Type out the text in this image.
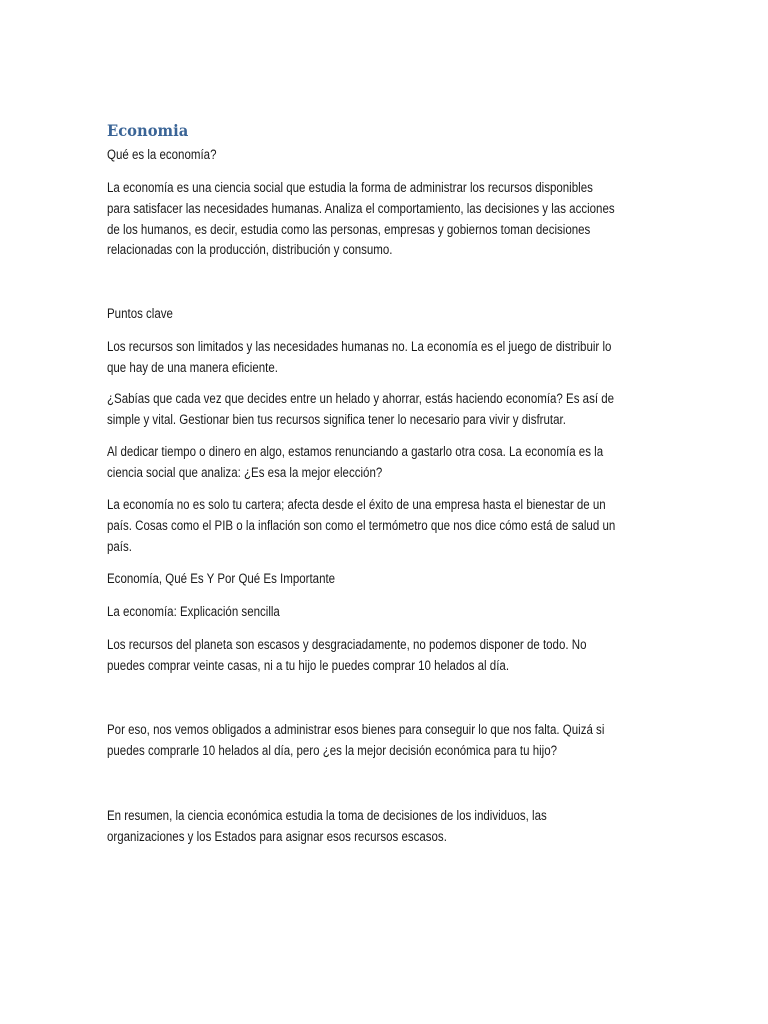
Economia
Qué es la economía?
La economía es una ciencia social que estudia la forma de administrar los recursos disponibles
para satisfacer las necesidades humanas. Analiza el comportamiento, las decisiones y las acciones
de los humanos, es decir, estudia como las personas, empresas y gobiernos toman decisiones
relacionadas con la producción, distribución y consumo.
Puntos clave
Los recursos son limitados y las necesidades humanas no. La economía es el juego de distribuir lo
que hay de una manera eficiente.
¿Sabías que cada vez que decides entre un helado y ahorrar, estás haciendo economía? Es así de
simple y vital. Gestionar bien tus recursos significa tener lo necesario para vivir y disfrutar.
Al dedicar tiempo o dinero en algo, estamos renunciando a gastarlo otra cosa. La economía es la
ciencia social que analiza: ¿Es esa la mejor elección?
La economía no es solo tu cartera; afecta desde el éxito de una empresa hasta el bienestar de un
país. Cosas como el PIB o la inflación son como el termómetro que nos dice cómo está de salud un
país.
Economía, Qué Es Y Por Qué Es Importante
La economía: Explicación sencilla
Los recursos del planeta son escasos y desgraciadamente, no podemos disponer de todo. No
puedes comprar veinte casas, ni a tu hijo le puedes comprar 10 helados al día.
Por eso, nos vemos obligados a administrar esos bienes para conseguir lo que nos falta. Quizá si
puedes comprarle 10 helados al día, pero ¿es la mejor decisión económica para tu hijo?
En resumen, la ciencia económica estudia la toma de decisiones de los individuos, las
organizaciones y los Estados para asignar esos recursos escasos.
